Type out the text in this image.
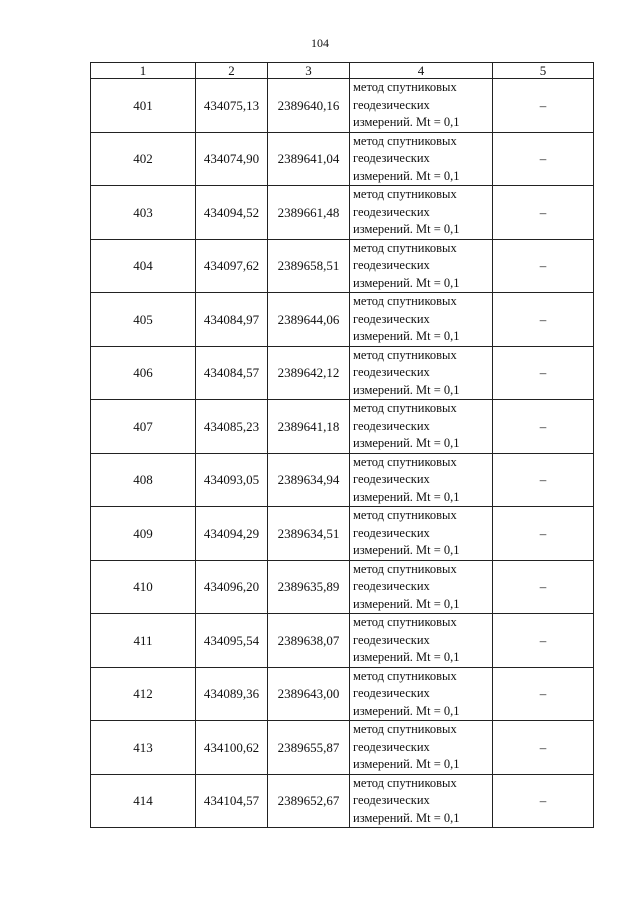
104
1	2	3	4	5
401	434075,13	2389640,16	метод спутниковых
геодезических
измерений. Mt = 0,1	–
402	434074,90	2389641,04	метод спутниковых
геодезических
измерений. Mt = 0,1	–
403	434094,52	2389661,48	метод спутниковых
геодезических
измерений. Mt = 0,1	–
404	434097,62	2389658,51	метод спутниковых
геодезических
измерений. Mt = 0,1	–
405	434084,97	2389644,06	метод спутниковых
геодезических
измерений. Mt = 0,1	–
406	434084,57	2389642,12	метод спутниковых
геодезических
измерений. Mt = 0,1	–
407	434085,23	2389641,18	метод спутниковых
геодезических
измерений. Mt = 0,1	–
408	434093,05	2389634,94	метод спутниковых
геодезических
измерений. Mt = 0,1	–
409	434094,29	2389634,51	метод спутниковых
геодезических
измерений. Mt = 0,1	–
410	434096,20	2389635,89	метод спутниковых
геодезических
измерений. Mt = 0,1	–
411	434095,54	2389638,07	метод спутниковых
геодезических
измерений. Mt = 0,1	–
412	434089,36	2389643,00	метод спутниковых
геодезических
измерений. Mt = 0,1	–
413	434100,62	2389655,87	метод спутниковых
геодезических
измерений. Mt = 0,1	–
414	434104,57	2389652,67	метод спутниковых
геодезических
измерений. Mt = 0,1	–
